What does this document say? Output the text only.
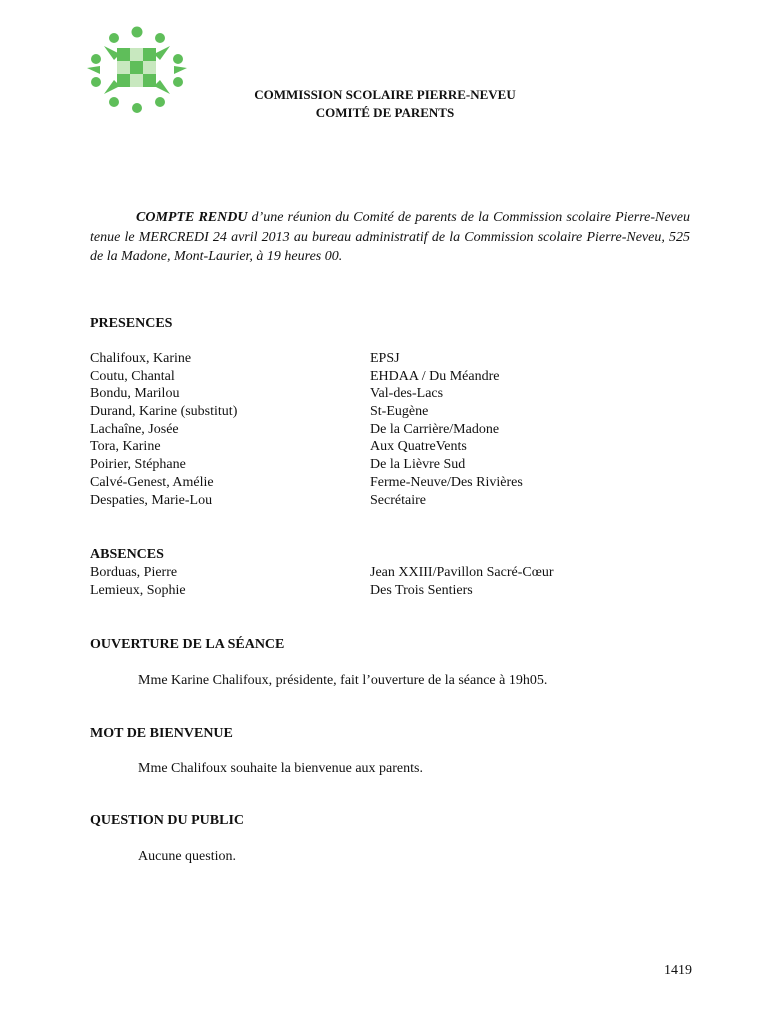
COMMISSION SCOLAIRE PIERRE-NEVEU
COMITÉ DE PARENTS
COMPTE RENDU d’une réunion du Comité de parents de la Commission scolaire Pierre-Neveu tenue le MERCREDI 24 avril 2013 au bureau administratif de la Commission scolaire Pierre-Neveu, 525 de la Madone, Mont-Laurier, à 19 heures 00.
PRESENCES
Chalifoux, Karine
Coutu, Chantal
Bondu, Marilou
Durand, Karine (substitut)
Lachaîne, Josée
Tora, Karine
Poirier, Stéphane
Calvé-Genest, Amélie
Despaties, Marie-Lou
EPSJ
EHDAA / Du Méandre
Val-des-Lacs
St-Eugène
De la Carrière/Madone
Aux QuatreVents
De la Lièvre Sud
Ferme-Neuve/Des Rivières
Secrétaire
ABSENCES
Borduas, Pierre
Lemieux, Sophie
Jean XXIII/Pavillon Sacré-Cœur
Des Trois Sentiers
OUVERTURE DE LA SÉANCE
Mme Karine Chalifoux, présidente, fait l’ouverture de la séance à 19h05.
MOT DE BIENVENUE
Mme Chalifoux souhaite la bienvenue aux parents.
QUESTION DU PUBLIC
Aucune question.
1419
